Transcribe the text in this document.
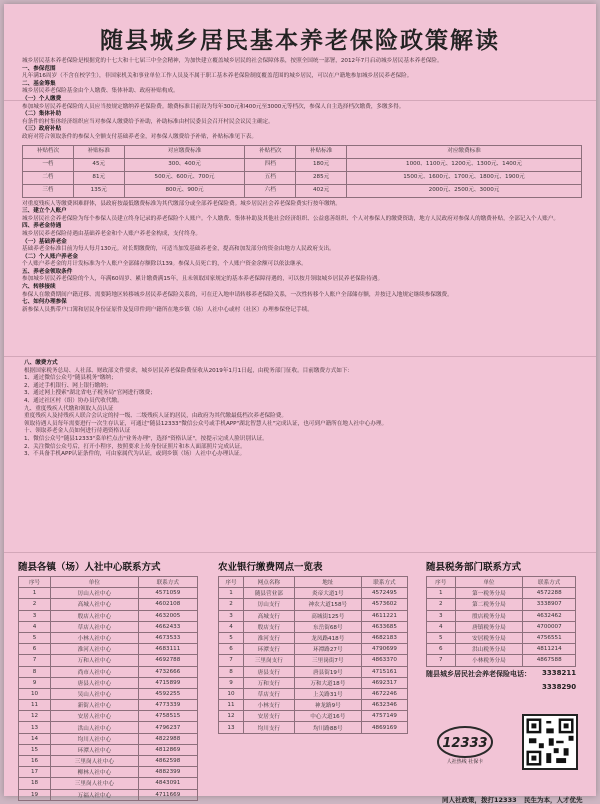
随县城乡居民基本养老保险政策解读

城乡居民基本养老保险是根据党的十七大和十七届三中全会精神，为加快建立覆盖城乡居民的社会保障体系，按照全国统一部署，2012年7月启动城乡居民基本养老保险。

一、参保范围
凡年满16周岁（不含在校学生），非国家机关和事业单位工作人员及不属于职工基本养老保险制度覆盖范围的城乡居民，可以在户籍地参加城乡居民养老保险。

二、基金筹集
城乡居民养老保险基金由个人缴费、集体补助、政府补贴构成。

（一）个人缴费
参加城乡居民养老保险的人员应当按规定缴纳养老保险费。缴费标准目前设为每年300元和400元至3000元等档次，参保人自主选择档次缴费，多缴多得。

（二）集体补助
有条件的村集体经济组织应当对参保人缴费给予补助，补助标准由村民委员会召开村民会议民主确定。

（三）政府补贴
政府对符合领取条件的参保人全额支付基础养老金，对参保人缴费给予补贴，补贴标准见下表。

补贴档次	补贴标准	对应缴费标准	补贴档次	补贴标准	对应缴费标准
一档	45元	300、400元	四档	180元	1000、1100元、1200元、1300元、1400元
二档	81元	500元、600元、700元	五档	285元	1500元、1600元、1700元、1800元、1900元
三档	135元	800元、900元	六档	402元	2000元、2500元、3000元

对重度残疾人等缴费困难群体，县政府按最低缴费标准为其代缴部分或全部养老保险费。城乡居民社会养老保险费实行按年缴纳。

三、建立个人账户
城乡居民社会养老保险为每个参保人员建立终身记录的养老保险个人账户。个人缴费、集体补助及其他社会经济组织、公益慈善组织、个人对参保人的缴费资助，地方人民政府对参保人的缴费补贴，全部记入个人账户。

四、养老金待遇
城乡居民养老保险待遇由基础养老金和个人账户养老金构成，支付终身。

（一）基础养老金
基础养老金标准目前为每人每月130元。对长期缴费的，可适当加发基础养老金，提高和加发部分的资金由地方人民政府支出。

（二）个人账户养老金
个人账户养老金的月计发标准为个人账户全部储存额除以139。参保人员死亡的，个人账户资金余额可以依法继承。

五、养老金领取条件
参加城乡居民养老保险的个人，年满60周岁、累计缴费满15年，且未领取国家规定的基本养老保障待遇的，可以按月领取城乡居民养老保险待遇。

六、转移接续
参保人在缴费期间户籍迁移、需要跨地区转移城乡居民养老保险关系的，可在迁入地申请转移养老保险关系，一次性转移个人账户全部储存额，并按迁入地规定继续参保缴费。

七、如何办理参保
新参保人员携带户口簿和居民身份证原件及复印件到户籍所在地乡镇（场）人社中心或村（社区）办理参保登记手续。

八、缴费方式
根据国家税务总局、人社部、财政部文件要求，城乡居民养老保险费征收从2019年1月1日起，由税务部门征收。目前缴费方式如下：
1、通过微信公众号"随县税务"缴纳；
2、通过手机银行、网上银行缴纳；
3、通过网上搜索"湖北省电子税务局"官网进行缴费；
4、通过社区村（组）协办员代收代缴。
九、重度残疾人代缴和领取人员认证
重度残疾人及持残疾人联合会认定的持一级、二级残疾人证的居民，由政府为其代缴最低档次养老保险费。
领取待遇人员每年需要进行一次生存认证，可通过"随县12333"微信公众号或手机APP"湖北智慧人社"完成认证，也可到户籍所在地人社中心办理。
十、领取养老金人员如何进行待遇资格认证
1、微信公众号"随县12333"菜单栏点击"业务办理"，选择"资格认证"，按提示完成人脸识别认证。
2、关注微信公众号后，打开小程序，按照要求上传身份证照片和本人面部照片完成认证。
3、不具备手机APP认证条件的，可由家属代为认证，或到乡镇（场）人社中心办理认证。
随县各镇（场）人社中心联系方式
序号	单位	联系方式
1	厉山人社中心	4571059
2	高城人社中心	4602108
3	殷店人社中心	4632005
4	草店人社中心	4662433
5	小林人社中心	4673533
6	淮河人社中心	4683111
7	万和人社中心	4692788
8	尚市人社中心	4732666
9	唐县人社中心	4715899
10	吴山人社中心	4592255
11	新街人社中心	4773339
12	安居人社中心	4758515
13	洪山人社中心	4796237
14	均川人社中心	4822988
15	环潭人社中心	4812869
16	三里岗人社中心	4862598
17	柳林人社中心	4882399
18	三里岗人社中心	4843091
19	万福人社中心	4711669
农业银行缴费网点一览表
序号	网点名称	地址	联系方式
1	随县营业部	炎帝大道1号	4572495
2	厉山支行	神农大道158号	4573602
3	高城支行	高城街125号	4611221
4	殷店支行	东岳街68号	4633685
5	淮河支行	龙凤路418号	4682183
6	环潭支行	环潭路27号	4790699
7	三里岗支行	三里岗街7号	4863370
8	唐县支行	唐县街19号	4715161
9	万和支行	万和大道18号	4692317
10	草店支行	上关路31号	4672246
11	小林支行	神龙路9号	4632346
12	安居支行	中心大道16号	4757149
13	均川支行	均川路88号	4869169
随县税务部门联系方式
序号	单位	联系方式
1	第一税务分局	4572288
2	第二税务分局	3338907
3	殷店税务分局	4632462
4	唐镇税务分局	4700007
5	安居税务分局	4756551
6	洪山税务分局	4811214
7	小林税务分局	4867588
随县城乡居民社会养老保险电话： 3338211
3338290
12333
人社热线 社保卡
同人社政策，拨打12333 民生为本，人才优先
